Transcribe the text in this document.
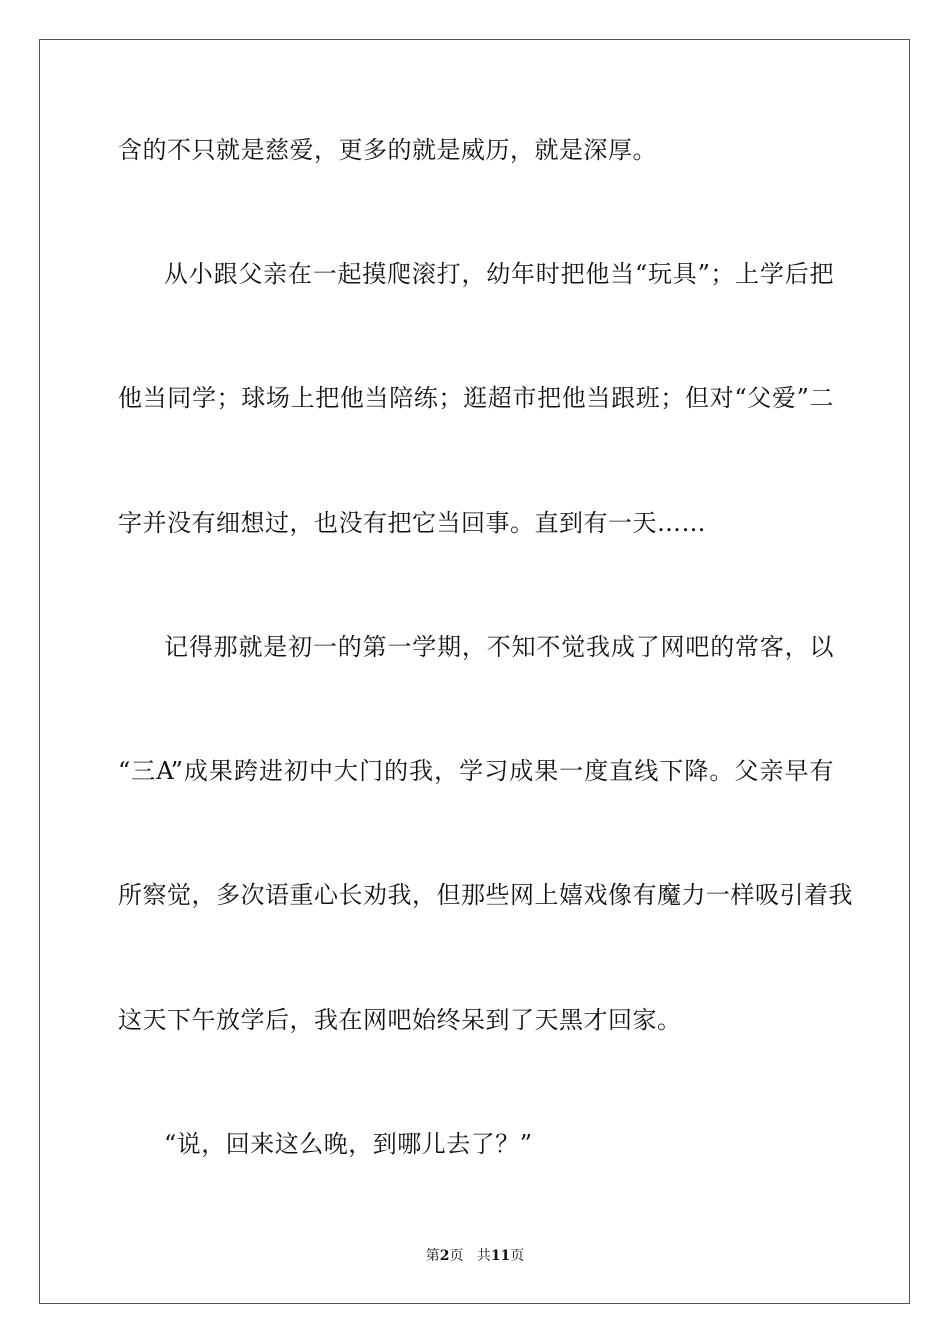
含的不只就是慈爱，更多的就是威历，就是深厚。
从小跟父亲在一起摸爬滚打，幼年时把他当“玩具”；上学后把
他当同学；球场上把他当陪练；逛超市把他当跟班；但对“父爱”二
字并没有细想过，也没有把它当回事。直到有一天……
记得那就是初一的第一学期，不知不觉我成了网吧的常客，以
“三A”成果跨进初中大门的我，学习成果一度直线下降。父亲早有
所察觉，多次语重心长劝我，但那些网上嬉戏像有魔力一样吸引着我
这天下午放学后，我在网吧始终呆到了天黑才回家。
“说，回来这么晚，到哪儿去了？”
第2页 共11页
